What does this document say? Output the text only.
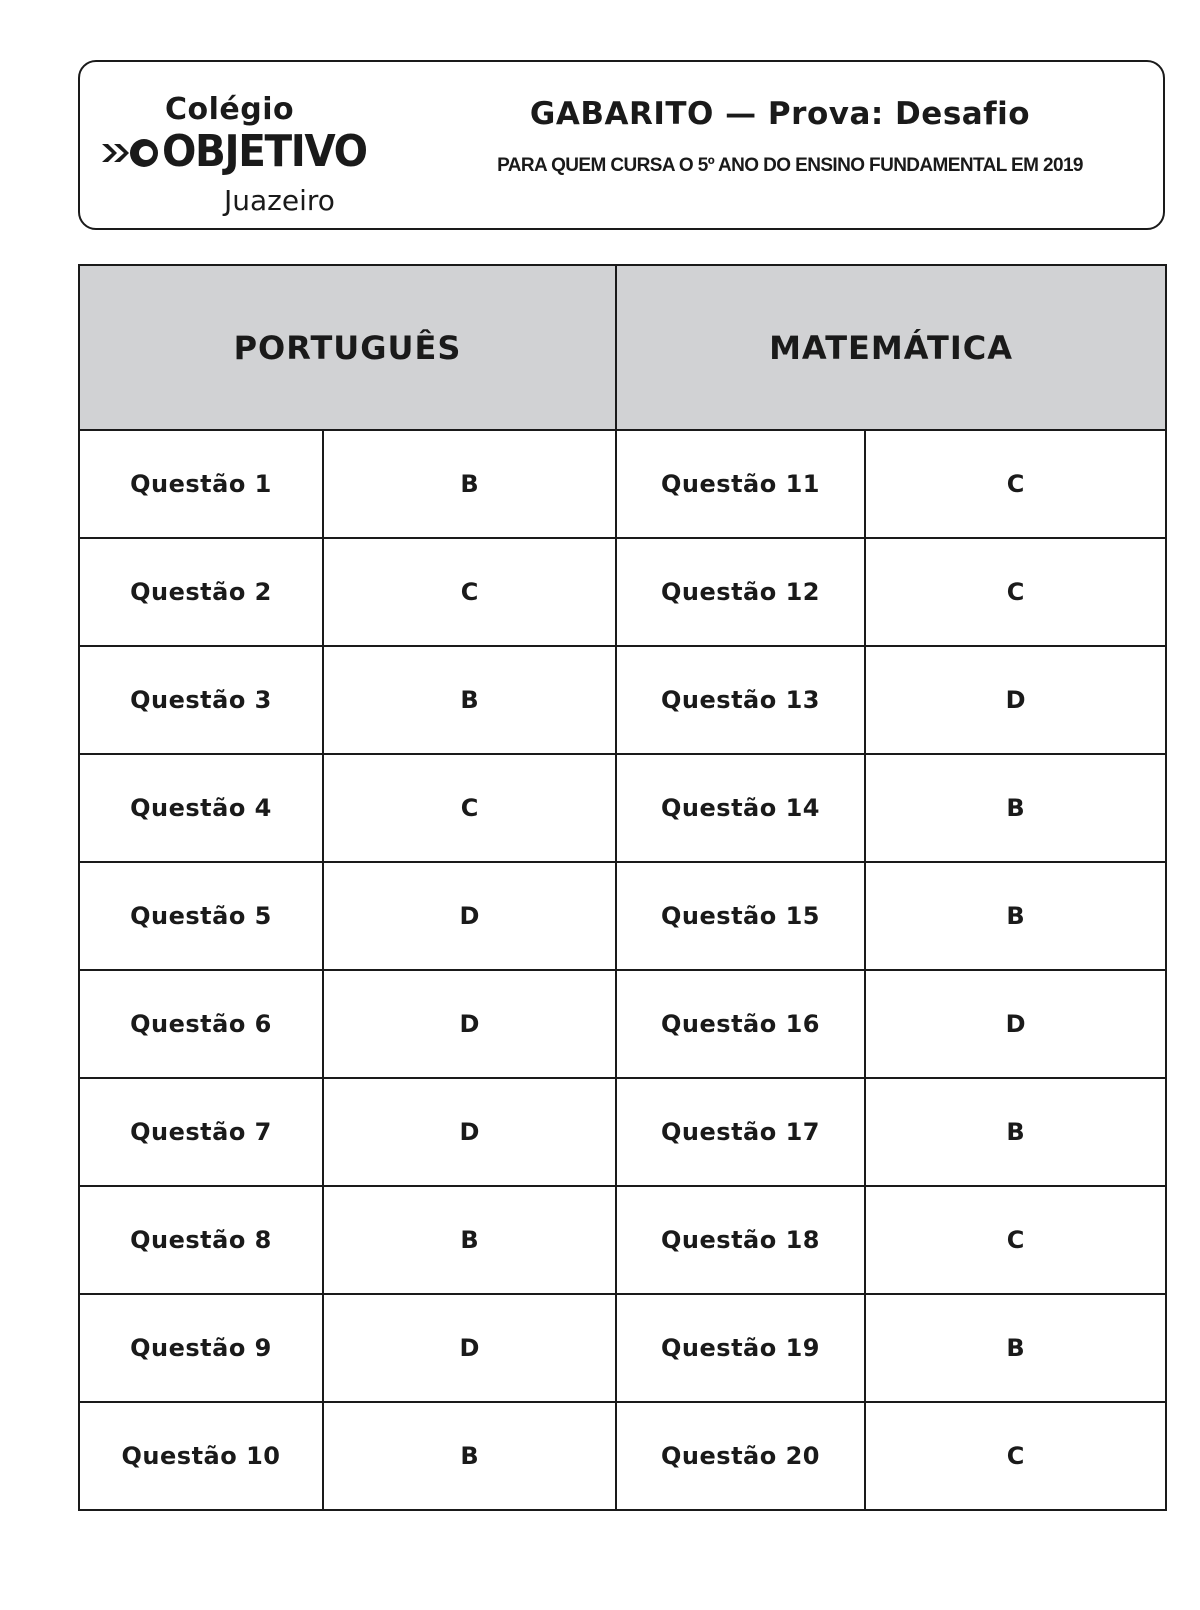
Colégio
OBJETIVO
Juazeiro
GABARITO — Prova: Desafio
PARA QUEM CURSA O 5º ANO DO ENSINO FUNDAMENTAL EM 2019
PORTUGUÊS		MATEMÁTICA	
Questão 1	B	Questão 11	C
Questão 2	C	Questão 12	C
Questão 3	B	Questão 13	D
Questão 4	C	Questão 14	B
Questão 5	D	Questão 15	B
Questão 6	D	Questão 16	D
Questão 7	D	Questão 17	B
Questão 8	B	Questão 18	C
Questão 9	D	Questão 19	B
Questão 10	B	Questão 20	C
